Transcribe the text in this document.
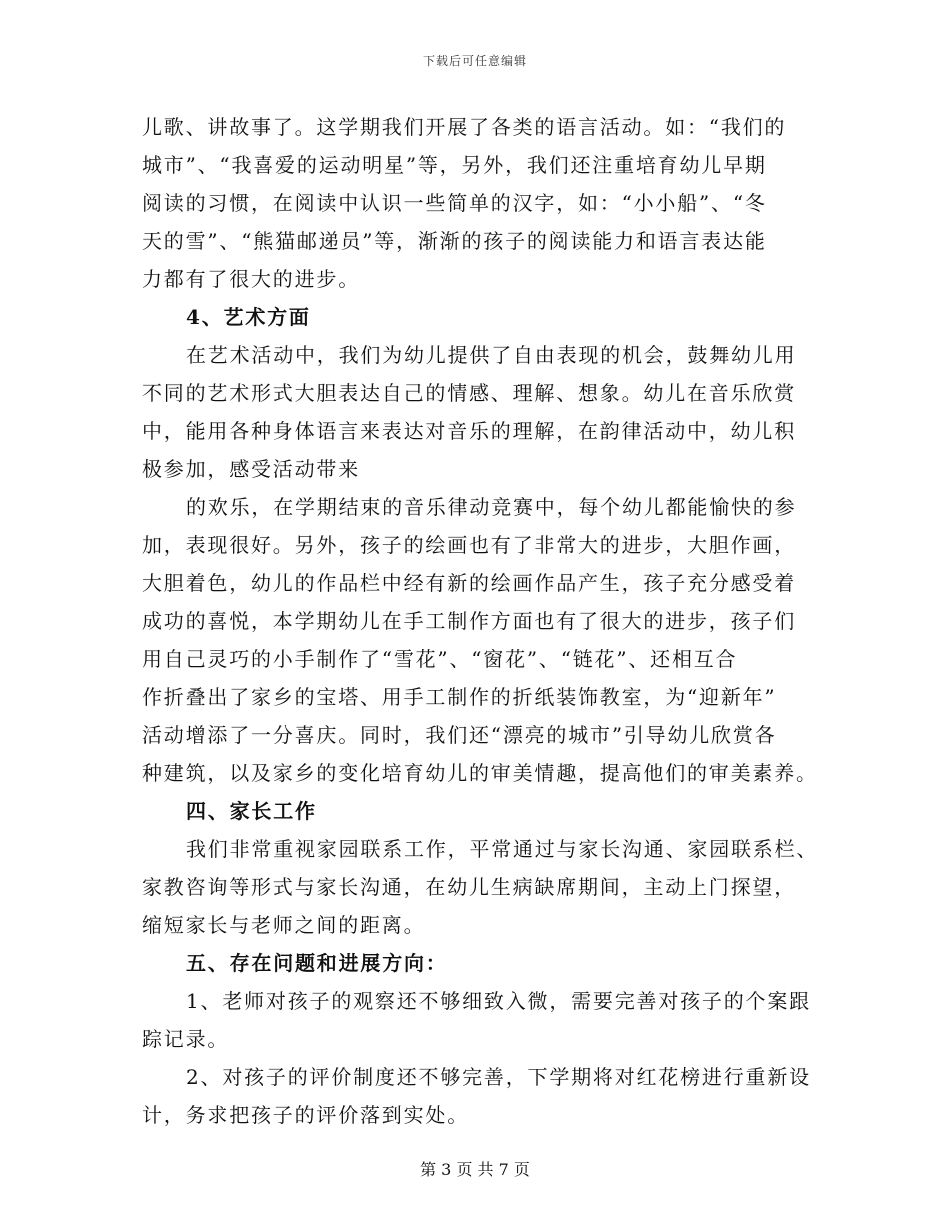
下载后可任意编辑
儿歌、讲故事了。这学期我们开展了各类的语言活动。如：“我们的
城市”、“我喜爱的运动明星”等，另外，我们还注重培育幼儿早期
阅读的习惯，在阅读中认识一些简单的汉字，如：“小小船”、“冬
天的雪”、“熊猫邮递员”等，渐渐的孩子的阅读能力和语言表达能
力都有了很大的进步。
4、艺术方面
在艺术活动中，我们为幼儿提供了自由表现的机会，鼓舞幼儿用
不同的艺术形式大胆表达自己的情感、理解、想象。幼儿在音乐欣赏
中，能用各种身体语言来表达对音乐的理解，在韵律活动中，幼儿积
极参加，感受活动带来
的欢乐，在学期结束的音乐律动竞赛中，每个幼儿都能愉快的参
加，表现很好。另外，孩子的绘画也有了非常大的进步，大胆作画，
大胆着色，幼儿的作品栏中经有新的绘画作品产生，孩子充分感受着
成功的喜悦，本学期幼儿在手工制作方面也有了很大的进步，孩子们
用自己灵巧的小手制作了“雪花”、“窗花”、“链花”、还相互合
作折叠出了家乡的宝塔、用手工制作的折纸装饰教室，为“迎新年”
活动增添了一分喜庆。同时，我们还“漂亮的城市”引导幼儿欣赏各
种建筑，以及家乡的变化培育幼儿的审美情趣，提高他们的审美素养。
四、家长工作
我们非常重视家园联系工作，平常通过与家长沟通、家园联系栏、
家教咨询等形式与家长沟通，在幼儿生病缺席期间，主动上门探望，
缩短家长与老师之间的距离。
五、存在问题和进展方向：
1、老师对孩子的观察还不够细致入微，需要完善对孩子的个案跟
踪记录。
2、对孩子的评价制度还不够完善，下学期将对红花榜进行重新设
计，务求把孩子的评价落到实处。
第 3 页 共 7 页
